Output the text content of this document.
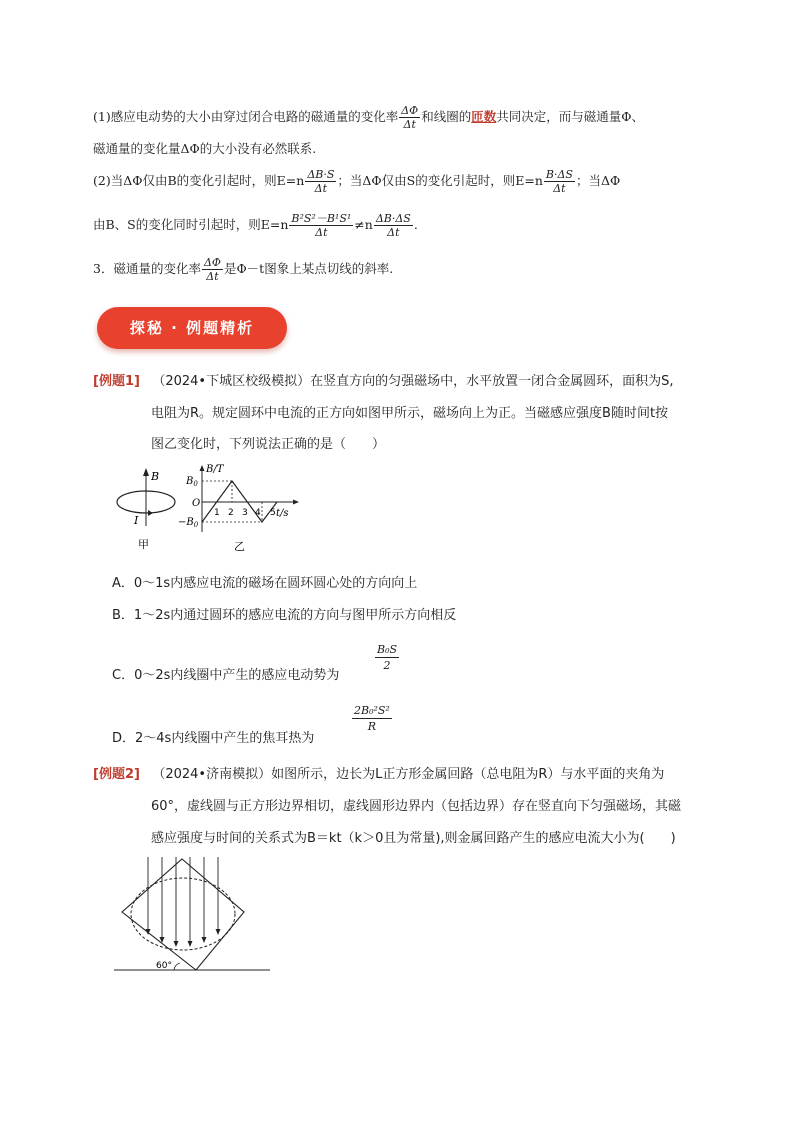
(1)感应电动势的大小由穿过闭合电路的磁通量的变化率 $\frac{\Delta\Phi}{\Delta t}$ 和线圈的匝数共同决定，而与磁通量Φ、
磁通量的变化量ΔΦ的大小没有必然联系.
(2)当ΔΦ仅由B的变化引起时，则$E=n \frac{\Delta B\cdot S}{\Delta t}$ ；当ΔΦ仅由S的变化引起时，则$E=n \frac{B\cdot\Delta S}{\Delta t}$ ；当ΔΦ
由B、S的变化同时引起时，则$E=n \frac{\text{B²S²－B¹S¹}}{\Delta t} \ne n \frac{\Delta B\cdot\Delta S}{\Delta t}$ .
3．磁通量的变化率 $\frac{\Delta\Phi}{\Delta t}$ 是Φ－t图象上某点切线的斜率.
探秘 · 例题精析
[例题1] （2024•下城区校级模拟）在竖直方向的匀强磁场中，水平放置一闭合金属圆环，面积为S,
电阻为R。规定圆环中电流的正方向如图甲所示，磁场向上为正。当磁感应强度B随时间t按
图乙变化时，下列说法正确的是（　　）
B
I
甲
B/T
t/s
O
$B_0$
$-B_0$
1 2 3 4 5
乙
A．0～1s内感应电流的磁场在圆环圆心处的方向向上
B．1～2s内通过圆环的感应电流的方向与图甲所示方向相反
C．0～2s内线圈中产生的感应电动势为
$\frac{\text{B₀S}}{2}$
D．2～4s内线圈中产生的焦耳热为
$\frac{\text{2B₀²S²}}{R}$
[例题2] （2024•济南模拟）如图所示，边长为L正方形金属回路（总电阻为R）与水平面的夹角为
60°，虚线圆与正方形边界相切，虚线圆形边界内（包括边界）存在竖直向下匀强磁场，其磁
感应强度与时间的关系式为B＝kt（k＞0且为常量),则金属回路产生的感应电流大小为(　　)
60°
